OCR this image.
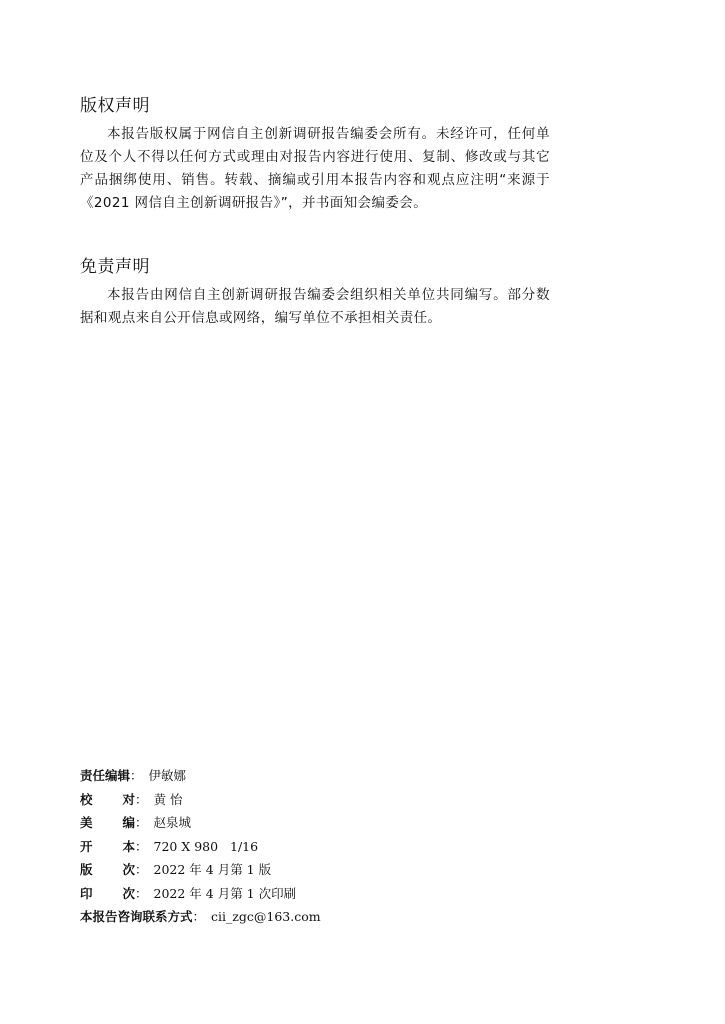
版权声明

本报告版权属于网信自主创新调研报告编委会所有。未经许可，任何单位及个人不得以任何方式或理由对报告内容进行使用、复制、修改或与其它产品捆绑使用、销售。转载、摘编或引用本报告内容和观点应注明“来源于《2021 网信自主创新调研报告》”，并书面知会编委会。

免责声明

本报告由网信自主创新调研报告编委会组织相关单位共同编写。部分数据和观点来自公开信息或网络，编写单位不承担相关责任。

责任编辑 ： 伊敏娜
校 对 ： 黄 怡
美 编 ： 赵泉城
开 本 ： 720 X 980   1/16
版 次 ： 2022 年 4 月第 1 版
印 次 ： 2022 年 4 月第 1 次印刷
本报告咨询联系方式 ： cii_zgc@163.com
